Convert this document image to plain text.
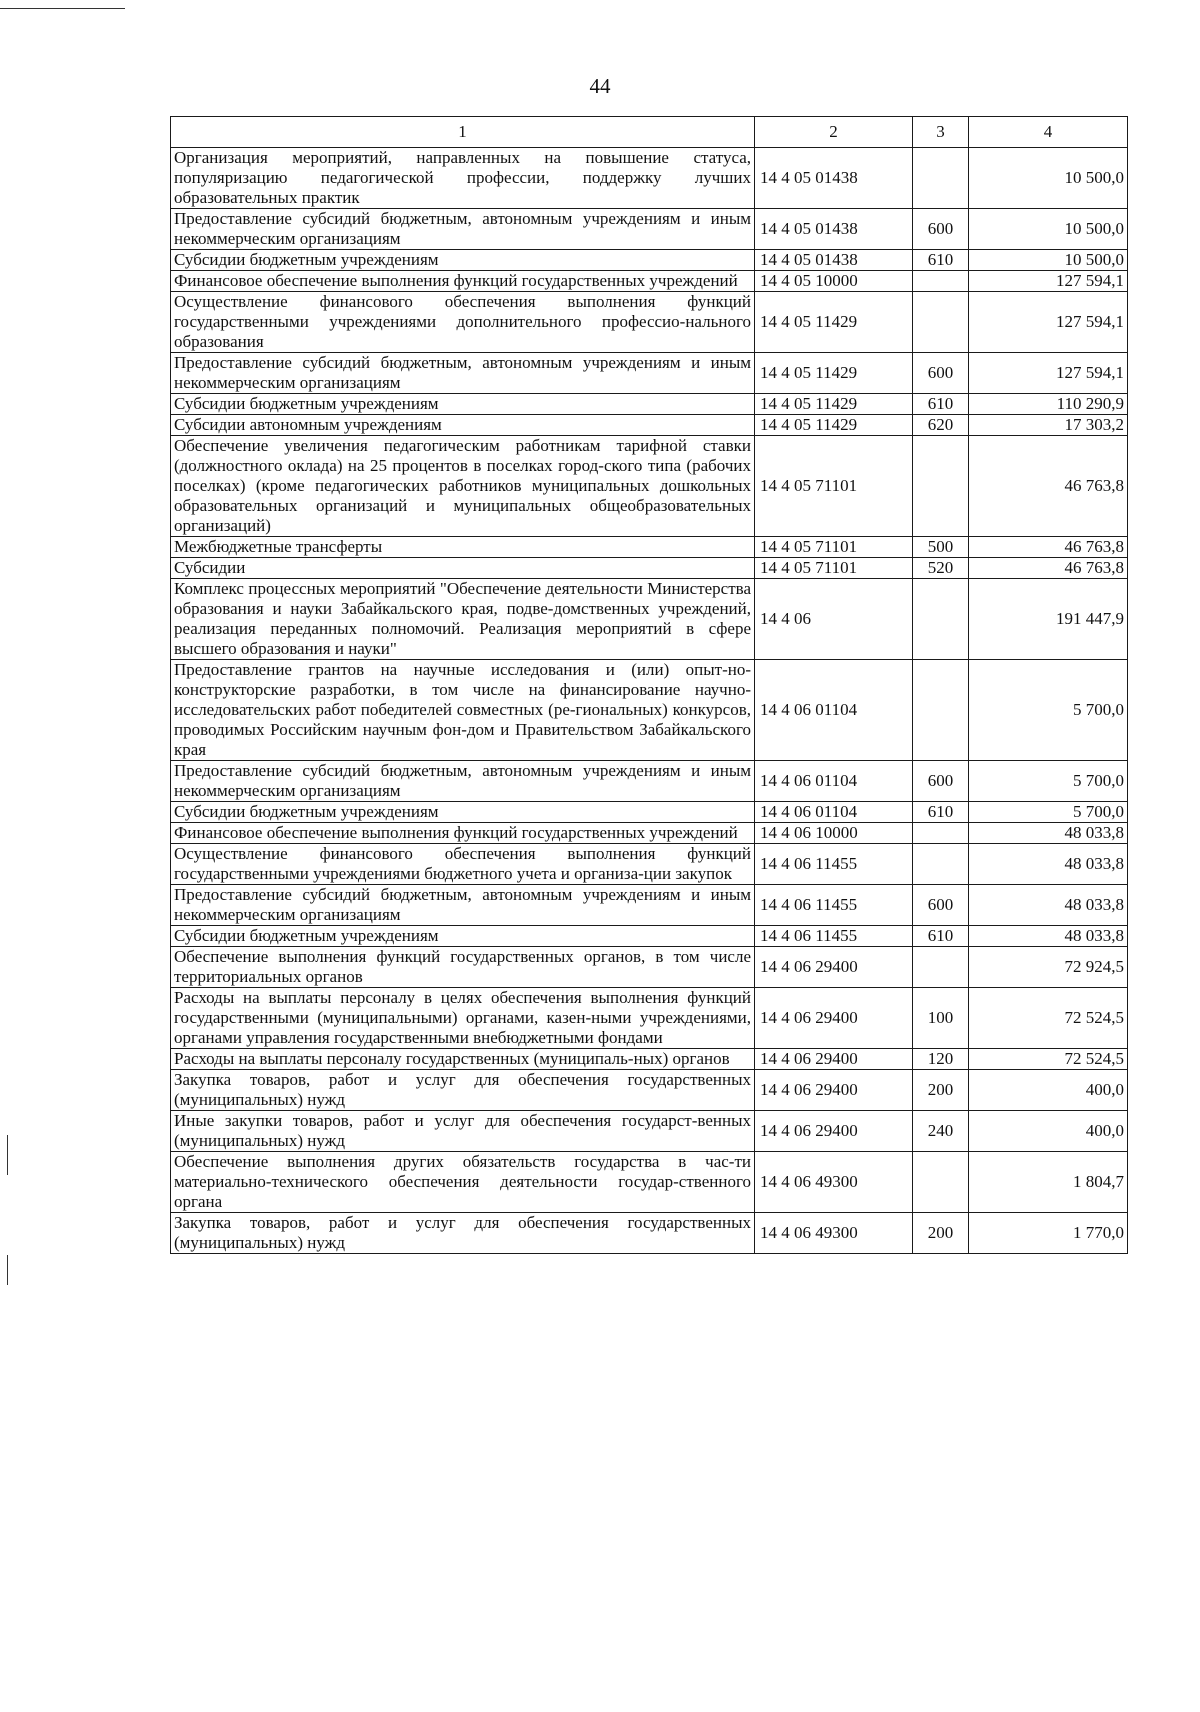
44
1	2	3	4
Организация мероприятий, направленных на повышение статуса, популяризацию педагогической профессии, поддержку лучших образовательных практик	14 4 05 01438		10 500,0
Предоставление субсидий бюджетным, автономным учреждениям и иным некоммерческим организациям	14 4 05 01438	600	10 500,0
Субсидии бюджетным учреждениям	14 4 05 01438	610	10 500,0
Финансовое обеспечение выполнения функций государственных учреждений	14 4 05 10000		127 594,1
Осуществление финансового обеспечения выполнения функций государственными учреждениями дополнительного профессио-нального образования	14 4 05 11429		127 594,1
Предоставление субсидий бюджетным, автономным учреждениям и иным некоммерческим организациям	14 4 05 11429	600	127 594,1
Субсидии бюджетным учреждениям	14 4 05 11429	610	110 290,9
Субсидии автономным учреждениям	14 4 05 11429	620	17 303,2
Обеспечение увеличения педагогическим работникам тарифной ставки (должностного оклада) на 25 процентов в поселках город-ского типа (рабочих поселках) (кроме педагогических работников муниципальных дошкольных образовательных организаций и муниципальных общеобразовательных организаций)	14 4 05 71101		46 763,8
Межбюджетные трансферты	14 4 05 71101	500	46 763,8
Субсидии	14 4 05 71101	520	46 763,8
Комплекс процессных мероприятий "Обеспечение деятельности Министерства образования и науки Забайкальского края, подве-домственных учреждений, реализация переданных полномочий. Реализация мероприятий в сфере высшего образования и науки"	14 4 06		191 447,9
Предоставление грантов на научные исследования и (или) опыт-но-конструкторские разработки, в том числе на финансирование научно-исследовательских работ победителей совместных (ре-гиональных) конкурсов, проводимых Российским научным фон-дом и Правительством Забайкальского края	14 4 06 01104		5 700,0
Предоставление субсидий бюджетным, автономным учреждениям и иным некоммерческим организациям	14 4 06 01104	600	5 700,0
Субсидии бюджетным учреждениям	14 4 06 01104	610	5 700,0
Финансовое обеспечение выполнения функций государственных учреждений	14 4 06 10000		48 033,8
Осуществление финансового обеспечения выполнения функций государственными учреждениями бюджетного учета и организа-ции закупок	14 4 06 11455		48 033,8
Предоставление субсидий бюджетным, автономным учреждениям и иным некоммерческим организациям	14 4 06 11455	600	48 033,8
Субсидии бюджетным учреждениям	14 4 06 11455	610	48 033,8
Обеспечение выполнения функций государственных органов, в том числе территориальных органов	14 4 06 29400		72 924,5
Расходы на выплаты персоналу в целях обеспечения выполнения функций государственными (муниципальными) органами, казен-ными учреждениями, органами управления государственными внебюджетными фондами	14 4 06 29400	100	72 524,5
Расходы на выплаты персоналу государственных (муниципаль-ных) органов	14 4 06 29400	120	72 524,5
Закупка товаров, работ и услуг для обеспечения государственных (муниципальных) нужд	14 4 06 29400	200	400,0
Иные закупки товаров, работ и услуг для обеспечения государст-венных (муниципальных) нужд	14 4 06 29400	240	400,0
Обеспечение выполнения других обязательств государства в час-ти материально-технического обеспечения деятельности государ-ственного органа	14 4 06 49300		1 804,7
Закупка товаров, работ и услуг для обеспечения государственных (муниципальных) нужд	14 4 06 49300	200	1 770,0
